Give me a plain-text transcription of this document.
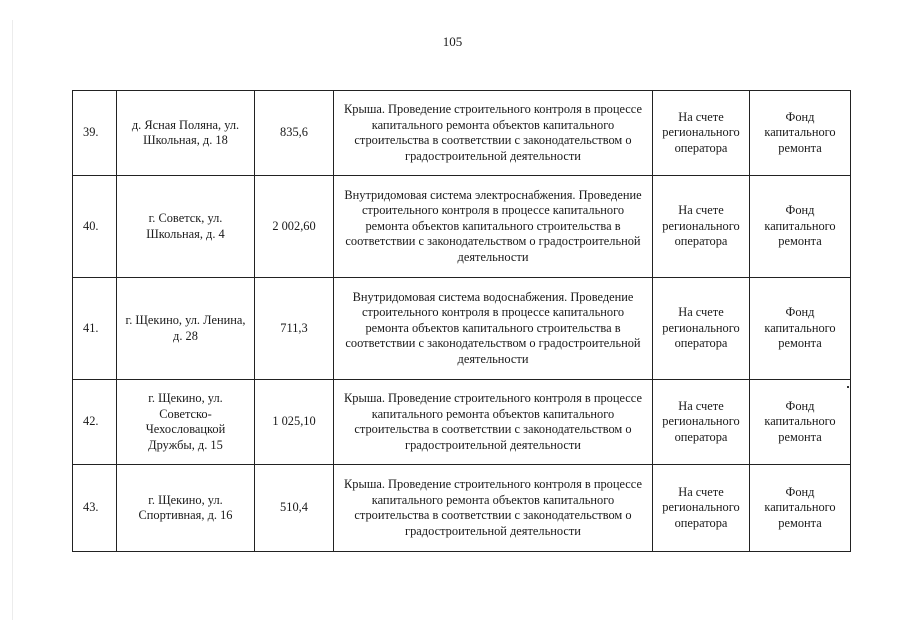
105
39.	д. Ясная Поляна, ул. Школьная, д. 18	835,6	Крыша. Проведение строительного контроля в процессе капитального ремонта объектов капитального строительства в соответствии с законодательством о градостроительной деятельности	На счете регионального оператора	Фонд капитального ремонта
40.	г. Советск, ул. Школьная, д. 4	2 002,60	Внутридомовая система электроснабжения. Проведение строительного контроля в процессе капитального ремонта объектов капитального строительства в соответствии с законодательством о градостроительной деятельности	На счете регионального оператора	Фонд капитального ремонта
41.	г. Щекино, ул. Ленина, д. 28	711,3	Внутридомовая система водоснабжения. Проведение строительного контроля в процессе капитального ремонта объектов капитального строительства в соответствии с законодательством о градостроительной деятельности	На счете регионального оператора	Фонд капитального ремонта
42.	г. Щекино, ул. Советско-Чехословацкой Дружбы, д. 15	1 025,10	Крыша. Проведение строительного контроля в процессе капитального ремонта объектов капитального строительства в соответствии с законодательством о градостроительной деятельности	На счете регионального оператора	Фонд капитального ремонта
43.	г. Щекино, ул. Спортивная, д. 16	510,4	Крыша. Проведение строительного контроля в процессе капитального ремонта объектов капитального строительства в соответствии с законодательством о градостроительной деятельности	На счете регионального оператора	Фонд капитального ремонта
